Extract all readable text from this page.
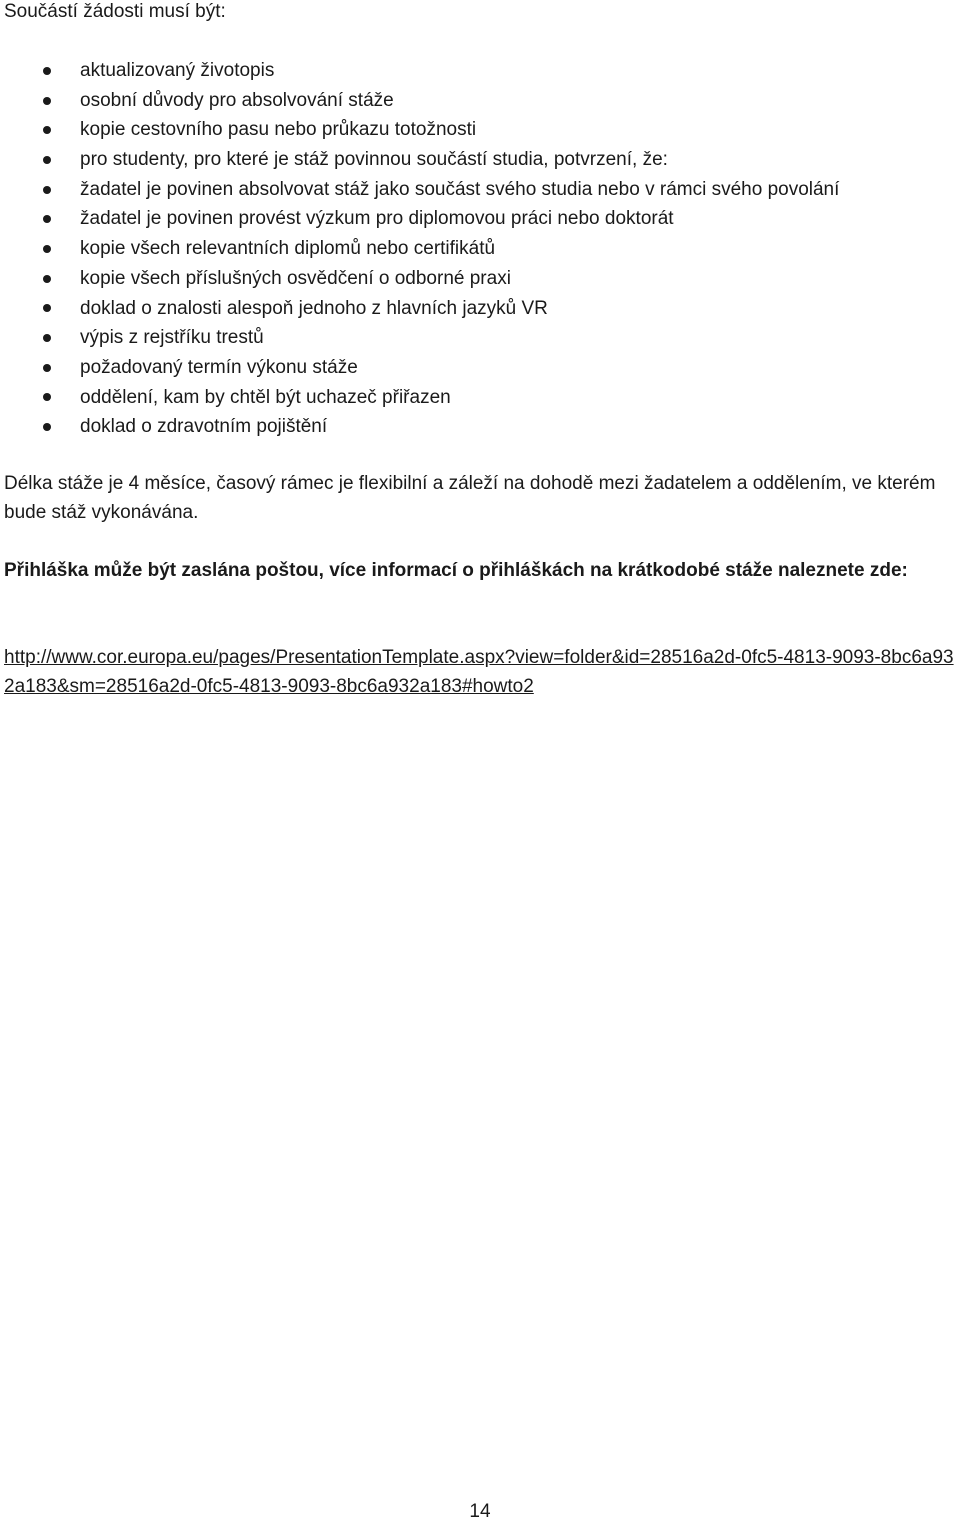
Součástí žádosti musí být:

aktualizovaný životopis
osobní důvody pro absolvování stáže
kopie cestovního pasu nebo průkazu totožnosti
pro studenty, pro které je stáž povinnou součástí studia, potvrzení, že:
žadatel je povinen absolvovat stáž jako součást svého studia nebo v rámci svého povolání
žadatel je povinen provést výzkum pro diplomovou práci nebo doktorát
kopie všech relevantních diplomů nebo certifikátů
kopie všech příslušných osvědčení o odborné praxi
doklad o znalosti alespoň jednoho z hlavních jazyků VR
výpis z rejstříku trestů
požadovaný termín výkonu stáže
oddělení, kam by chtěl být uchazeč přiřazen
doklad o zdravotním pojištění

Délka stáže je 4 měsíce, časový rámec je flexibilní a záleží na dohodě mezi žadatelem a oddělením, ve kterém bude stáž vykonávána.

Přihláška může být zaslána poštou, více informací o přihláškách na krátkodobé stáže naleznete zde:

http://www.cor.europa.eu/pages/PresentationTemplate.aspx?view=folder&id=28516a2d-0fc5-4813-9093-8bc6a932a183&sm=28516a2d-0fc5-4813-9093-8bc6a932a183#howto2

14
